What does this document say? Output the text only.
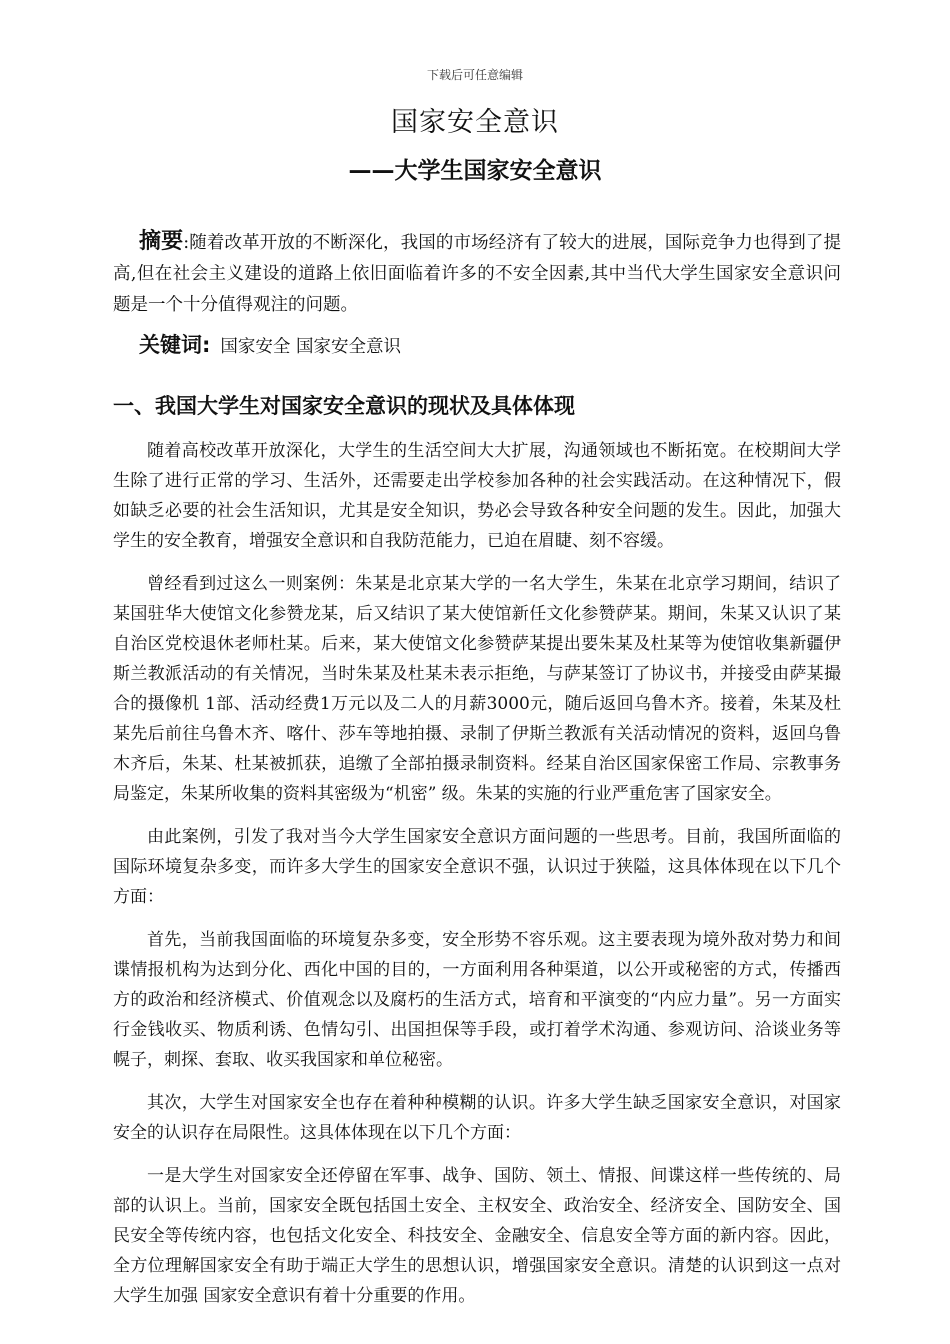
下载后可任意编辑
国家安全意识
——大学生国家安全意识

摘要:随着改革开放的不断深化，我国的市场经济有了较大的进展，国际竞争力也得到了提高,但在社会主义建设的道路上依旧面临着许多的不安全因素,其中当代大学生国家安全意识问题是一个十分值得观注的问题。

关键词: 国家安全 国家安全意识

一、我国大学生对国家安全意识的现状及具体体现

随着高校改革开放深化，大学生的生活空间大大扩展，沟通领域也不断拓宽。在校期间大学生除了进行正常的学习、生活外，还需要走出学校参加各种的社会实践活动。在这种情况下，假如缺乏必要的社会生活知识，尤其是安全知识，势必会导致各种安全问题的发生。因此，加强大学生的安全教育，增强安全意识和自我防范能力，已迫在眉睫、刻不容缓。

曾经看到过这么一则案例：朱某是北京某大学的一名大学生，朱某在北京学习期间，结识了某国驻华大使馆文化参赞龙某，后又结识了某大使馆新任文化参赞萨某。期间，朱某又认识了某自治区党校退休老师杜某。后来，某大使馆文化参赞萨某提出要朱某及杜某等为使馆收集新疆伊斯兰教派活动的有关情况，当时朱某及杜某未表示拒绝，与萨某签订了协议书，并接受由萨某撮合的摄像机 1部、活动经费1万元以及二人的月薪3000元，随后返回乌鲁木齐。接着，朱某及杜某先后前往乌鲁木齐、喀什、莎车等地拍摄、录制了伊斯兰教派有关活动情况的资料，返回乌鲁木齐后，朱某、杜某被抓获，追缴了全部拍摄录制资料。经某自治区国家保密工作局、宗教事务局鉴定，朱某所收集的资料其密级为“机密” 级。朱某的实施的行业严重危害了国家安全。

由此案例，引发了我对当今大学生国家安全意识方面问题的一些思考。目前，我国所面临的国际环境复杂多变，而许多大学生的国家安全意识不强，认识过于狭隘，这具体体现在以下几个方面：

首先，当前我国面临的环境复杂多变，安全形势不容乐观。这主要表现为境外敌对势力和间谍情报机构为达到分化、西化中国的目的，一方面利用各种渠道，以公开或秘密的方式，传播西方的政治和经济模式、价值观念以及腐朽的生活方式，培育和平演变的“内应力量”。另一方面实行金钱收买、物质利诱、色情勾引、出国担保等手段，或打着学术沟通、参观访问、洽谈业务等幌子，刺探、套取、收买我国家和单位秘密。

其次，大学生对国家安全也存在着种种模糊的认识。许多大学生缺乏国家安全意识，对国家安全的认识存在局限性。这具体体现在以下几个方面：

一是大学生对国家安全还停留在军事、战争、国防、领土、情报、间谍这样一些传统的、局部的认识上。当前，国家安全既包括国土安全、主权安全、政治安全、经济安全、国防安全、国民安全等传统内容，也包括文化安全、科技安全、金融安全、信息安全等方面的新内容。因此，全方位理解国家安全有助于端正大学生的思想认识，增强国家安全意识。清楚的认识到这一点对大学生加强 国家安全意识有着十分重要的作用。
